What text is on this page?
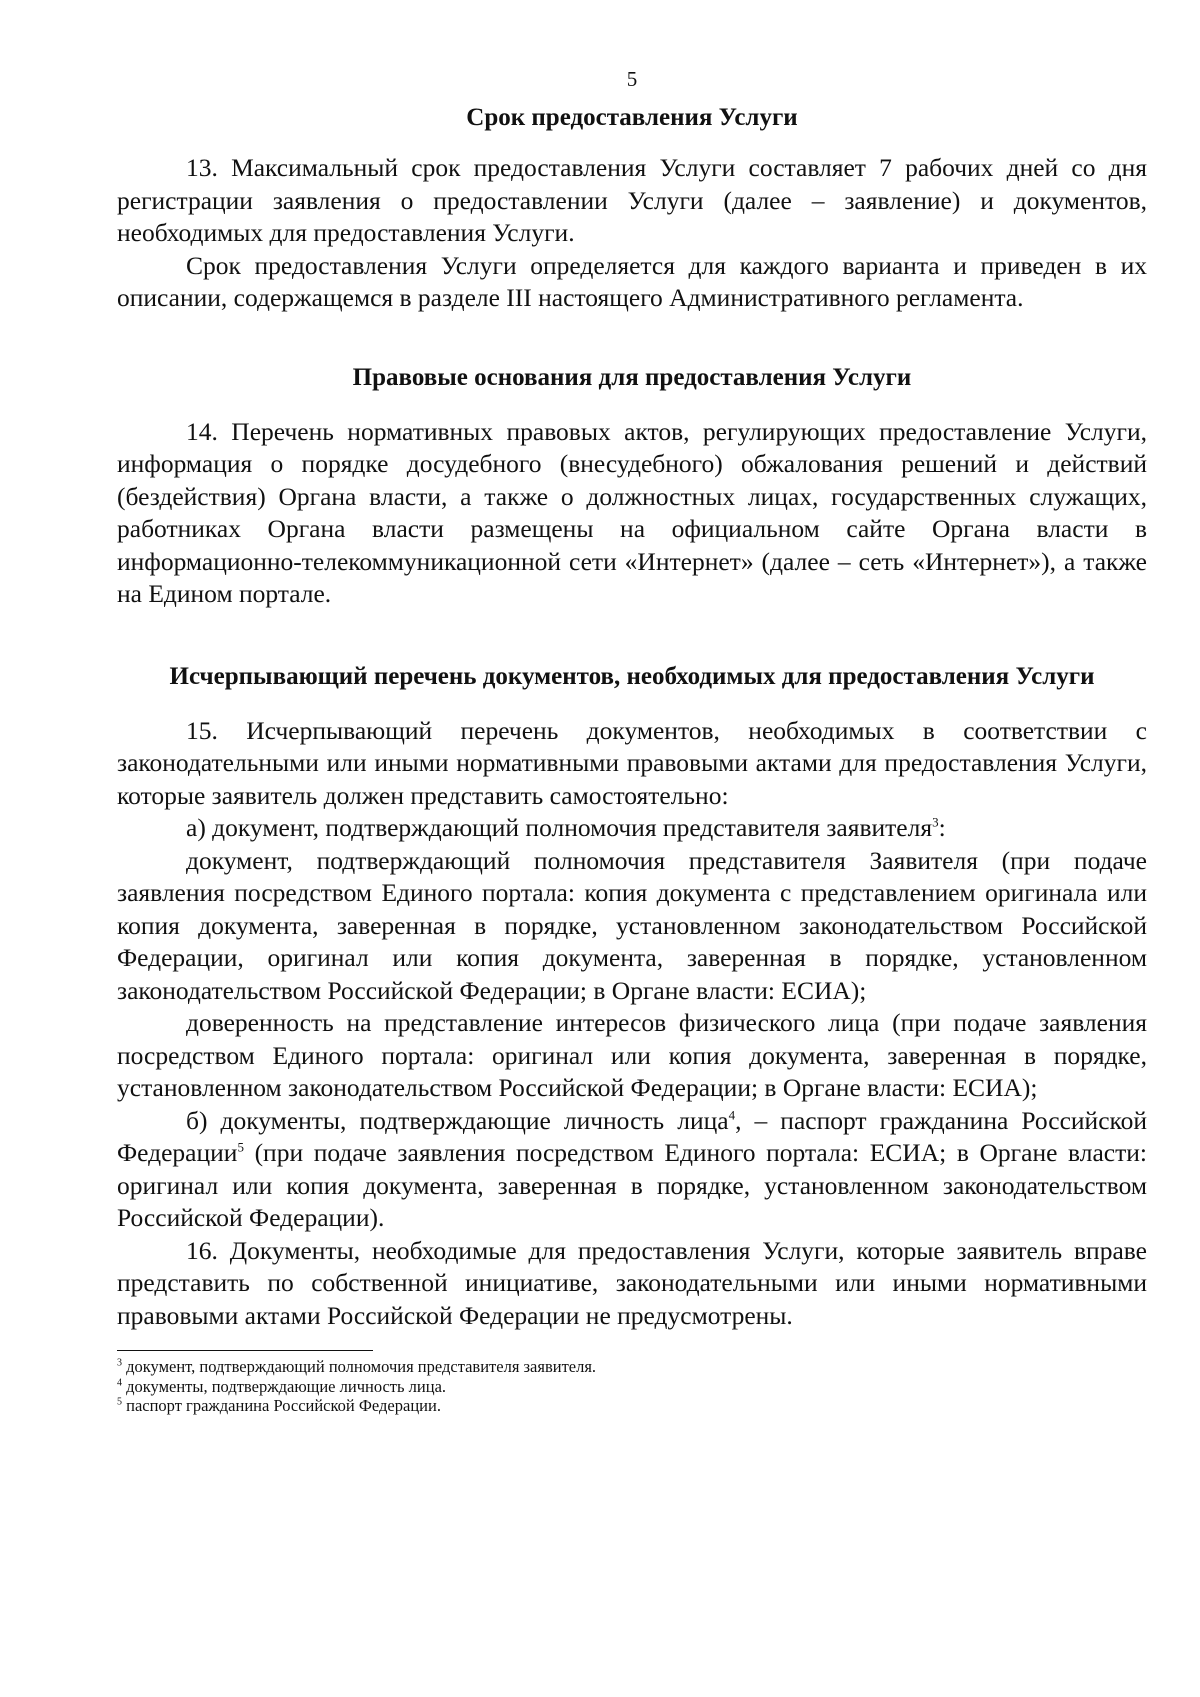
5
Срок предоставления Услуги

13. Максимальный срок предоставления Услуги составляет 7 рабочих дней со дня регистрации заявления о предоставлении Услуги (далее – заявление) и документов, необходимых для предоставления Услуги.

Срок предоставления Услуги определяется для каждого варианта и приведен в их описании, содержащемся в разделе III настоящего Административного регламента.

Правовые основания для предоставления Услуги

14. Перечень нормативных правовых актов, регулирующих предоставление Услуги, информация о порядке досудебного (внесудебного) обжалования решений и действий (бездействия) Органа власти, а также о должностных лицах, государственных служащих, работниках Органа власти размещены на официальном сайте Органа власти в информационно-телекоммуникационной сети «Интернет» (далее – сеть «Интернет»), а также на Едином портале.

Исчерпывающий перечень документов, необходимых для предоставления Услуги

15. Исчерпывающий перечень документов, необходимых в соответствии с законодательными или иными нормативными правовыми актами для предоставления Услуги, которые заявитель должен представить самостоятельно:

а) документ, подтверждающий полномочия представителя заявителя$^3$:

документ, подтверждающий полномочия представителя Заявителя (при подаче заявления посредством Единого портала: копия документа с представлением оригинала или копия документа, заверенная в порядке, установленном законодательством Российской Федерации, оригинал или копия документа, заверенная в порядке, установленном законодательством Российской Федерации; в Органе власти: ЕСИА);

доверенность на представление интересов физического лица (при подаче заявления посредством Единого портала: оригинал или копия документа, заверенная в порядке, установленном законодательством Российской Федерации; в Органе власти: ЕСИА);

б) документы, подтверждающие личность лица$^4$, – паспорт гражданина Российской Федерации$^5$ (при подаче заявления посредством Единого портала: ЕСИА; в Органе власти: оригинал или копия документа, заверенная в порядке, установленном законодательством Российской Федерации).

16. Документы, необходимые для предоставления Услуги, которые заявитель вправе представить по собственной инициативе, законодательными или иными нормативными правовыми актами Российской Федерации не предусмотрены.

$^3$ документ, подтверждающий полномочия представителя заявителя.

$^4$ документы, подтверждающие личность лица.

$^5$ паспорт гражданина Российской Федерации.
